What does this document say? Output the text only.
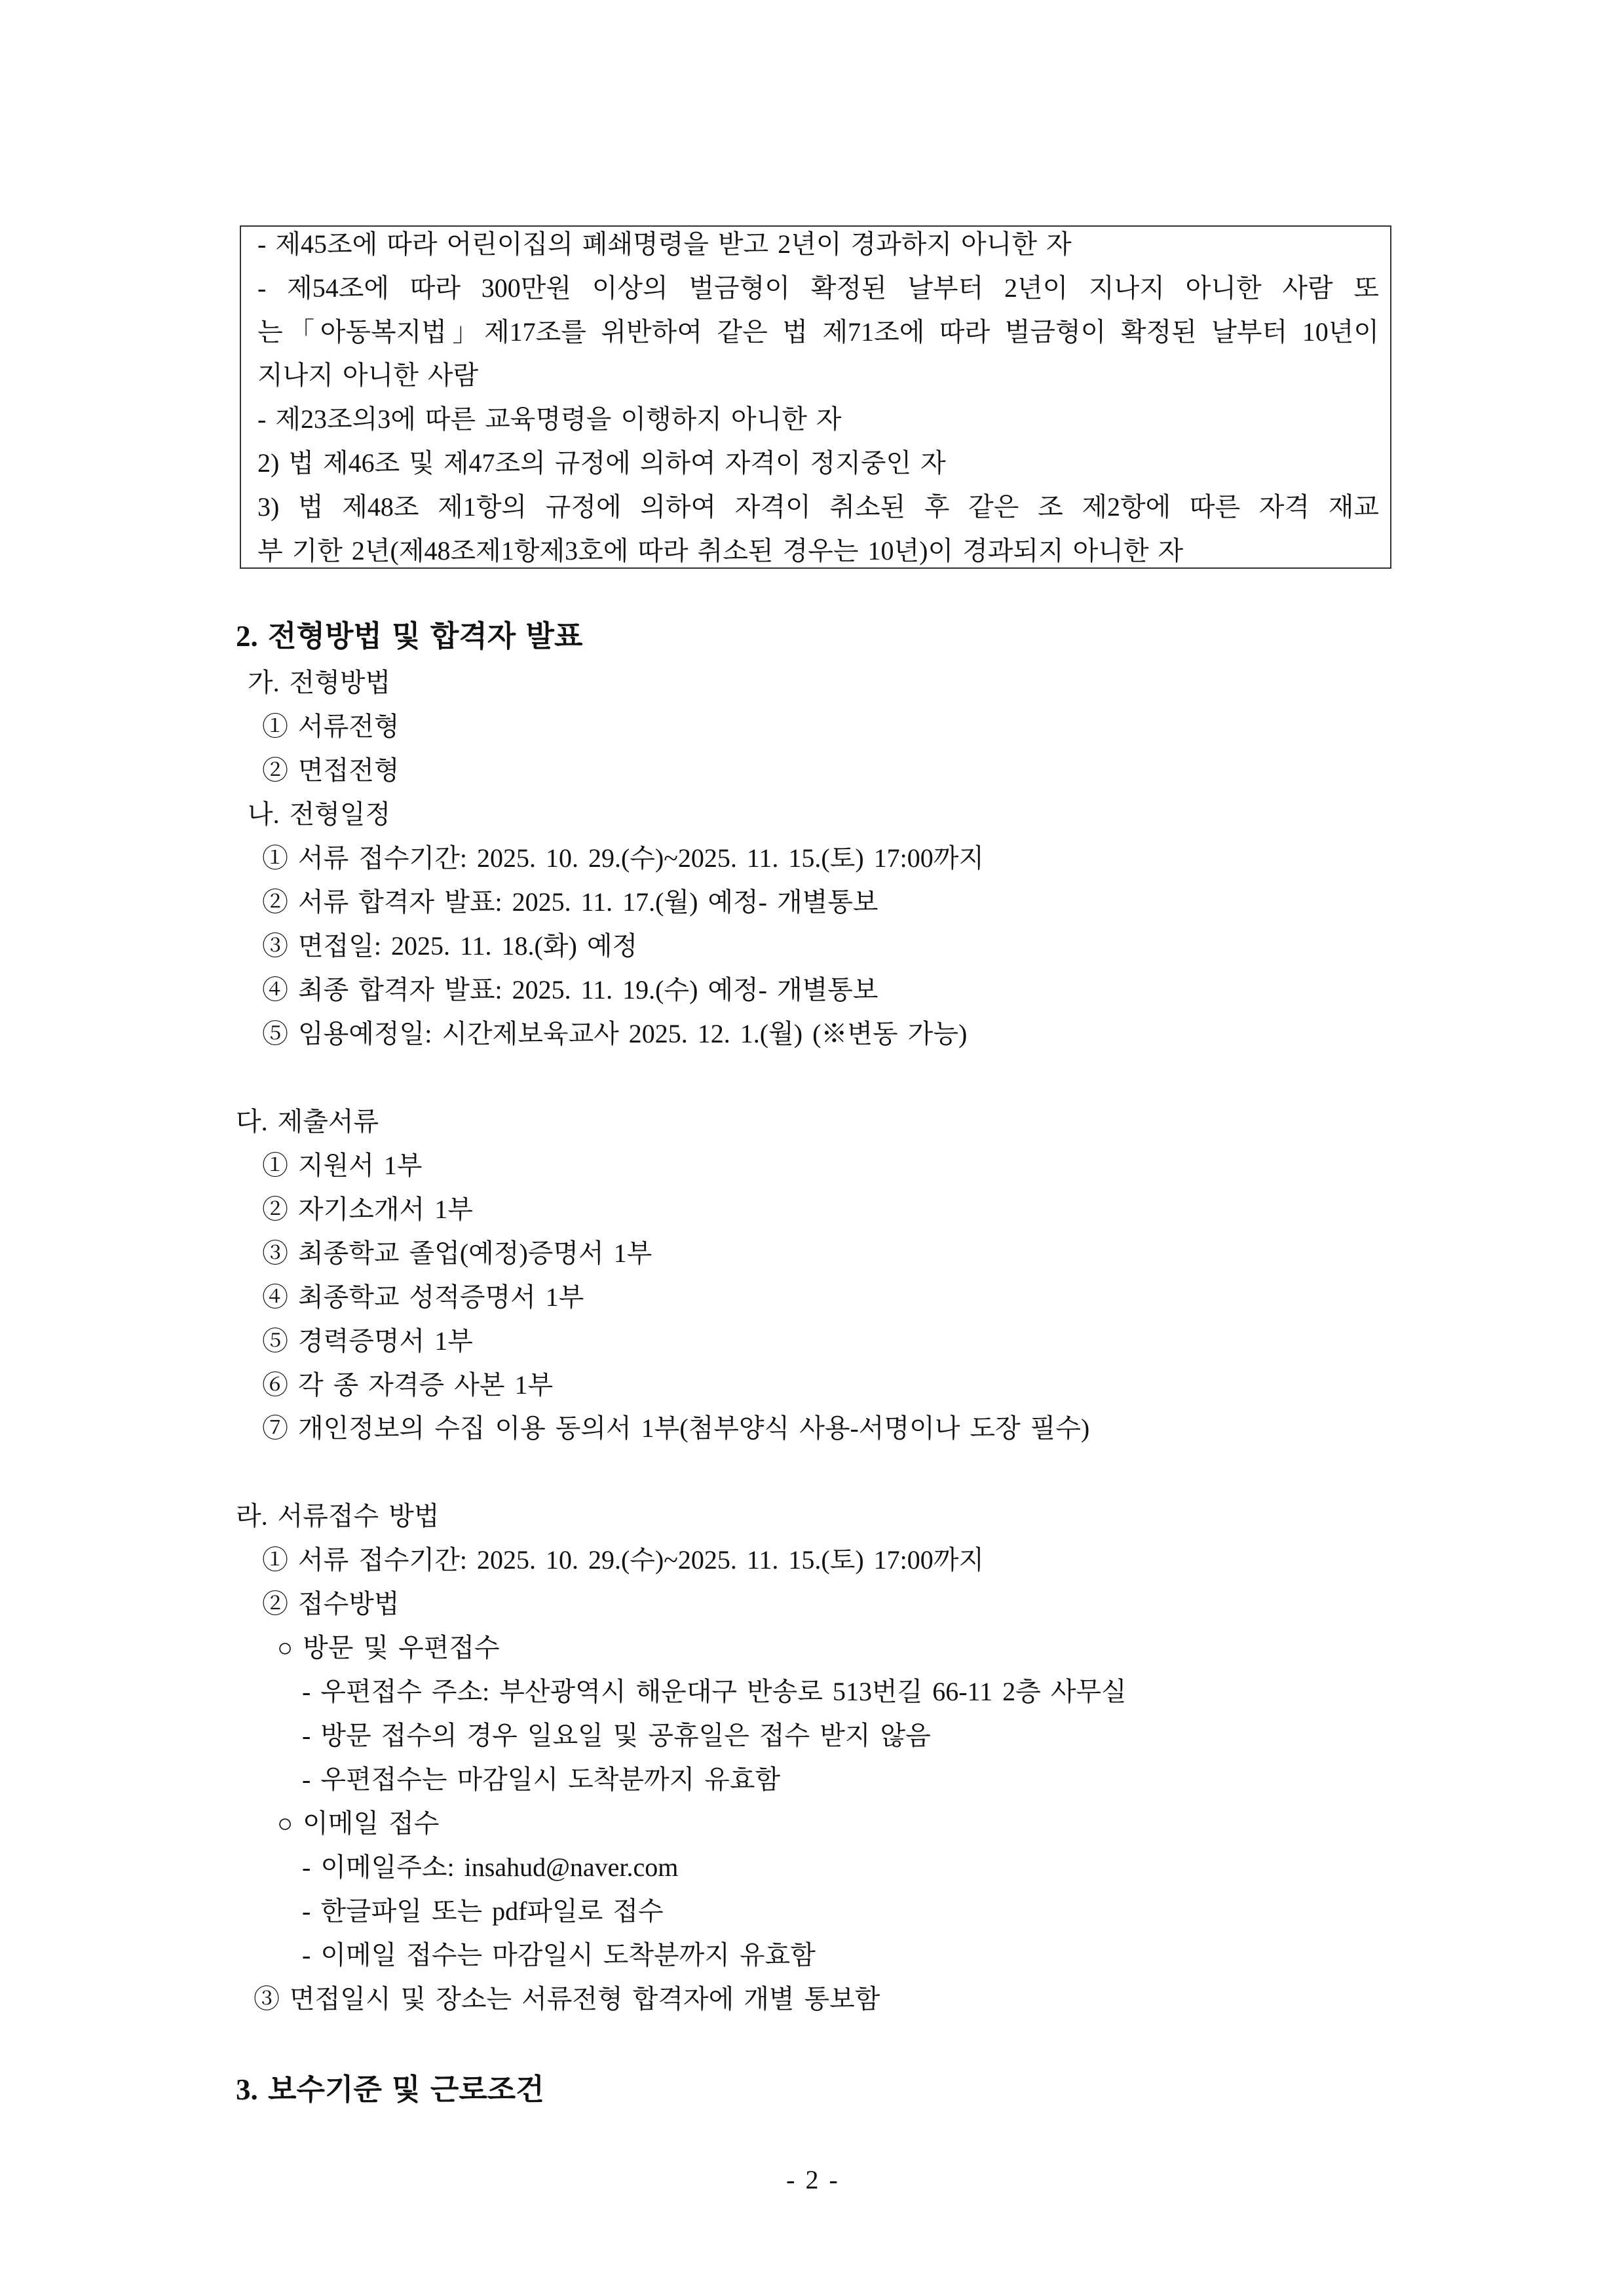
- 제45조에 따라 어린이집의 폐쇄명령을 받고 2년이 경과하지 아니한 자
- 제54조에 따라 300만원 이상의 벌금형이 확정된 날부터 2년이 지나지 아니한 사람 또
는「아동복지법」제17조를 위반하여 같은 법 제71조에 따라 벌금형이 확정된 날부터 10년이
지나지 아니한 사람
- 제23조의3에 따른 교육명령을 이행하지 아니한 자
2) 법 제46조 및 제47조의 규정에 의하여 자격이 정지중인 자
3) 법 제48조 제1항의 규정에 의하여 자격이 취소된 후 같은 조 제2항에 따른 자격 재교
부 기한 2년(제48조제1항제3호에 따라 취소된 경우는 10년)이 경과되지 아니한 자
2. 전형방법 및 합격자 발표
가. 전형방법
① 서류전형
② 면접전형
나. 전형일정
① 서류 접수기간: 2025. 10. 29.(수)~2025. 11. 15.(토) 17:00까지
② 서류 합격자 발표: 2025. 11. 17.(월) 예정- 개별통보
③ 면접일: 2025. 11. 18.(화) 예정
④ 최종 합격자 발표: 2025. 11. 19.(수) 예정- 개별통보
⑤ 임용예정일: 시간제보육교사 2025. 12. 1.(월) (※변동 가능)
다. 제출서류
① 지원서 1부
② 자기소개서 1부
③ 최종학교 졸업(예정)증명서 1부
④ 최종학교 성적증명서 1부
⑤ 경력증명서 1부
⑥ 각 종 자격증 사본 1부
⑦ 개인정보의 수집 이용 동의서 1부(첨부양식 사용-서명이나 도장 필수)
라. 서류접수 방법
① 서류 접수기간: 2025. 10. 29.(수)~2025. 11. 15.(토) 17:00까지
② 접수방법
○ 방문 및 우편접수
- 우편접수 주소: 부산광역시 해운대구 반송로 513번길 66-11 2층 사무실
- 방문 접수의 경우 일요일 및 공휴일은 접수 받지 않음
- 우편접수는 마감일시 도착분까지 유효함
○ 이메일 접수
- 이메일주소: insahud@naver.com
- 한글파일 또는 pdf파일로 접수
- 이메일 접수는 마감일시 도착분까지 유효함
③ 면접일시 및 장소는 서류전형 합격자에 개별 통보함
3. 보수기준 및 근로조건
- 2 -
